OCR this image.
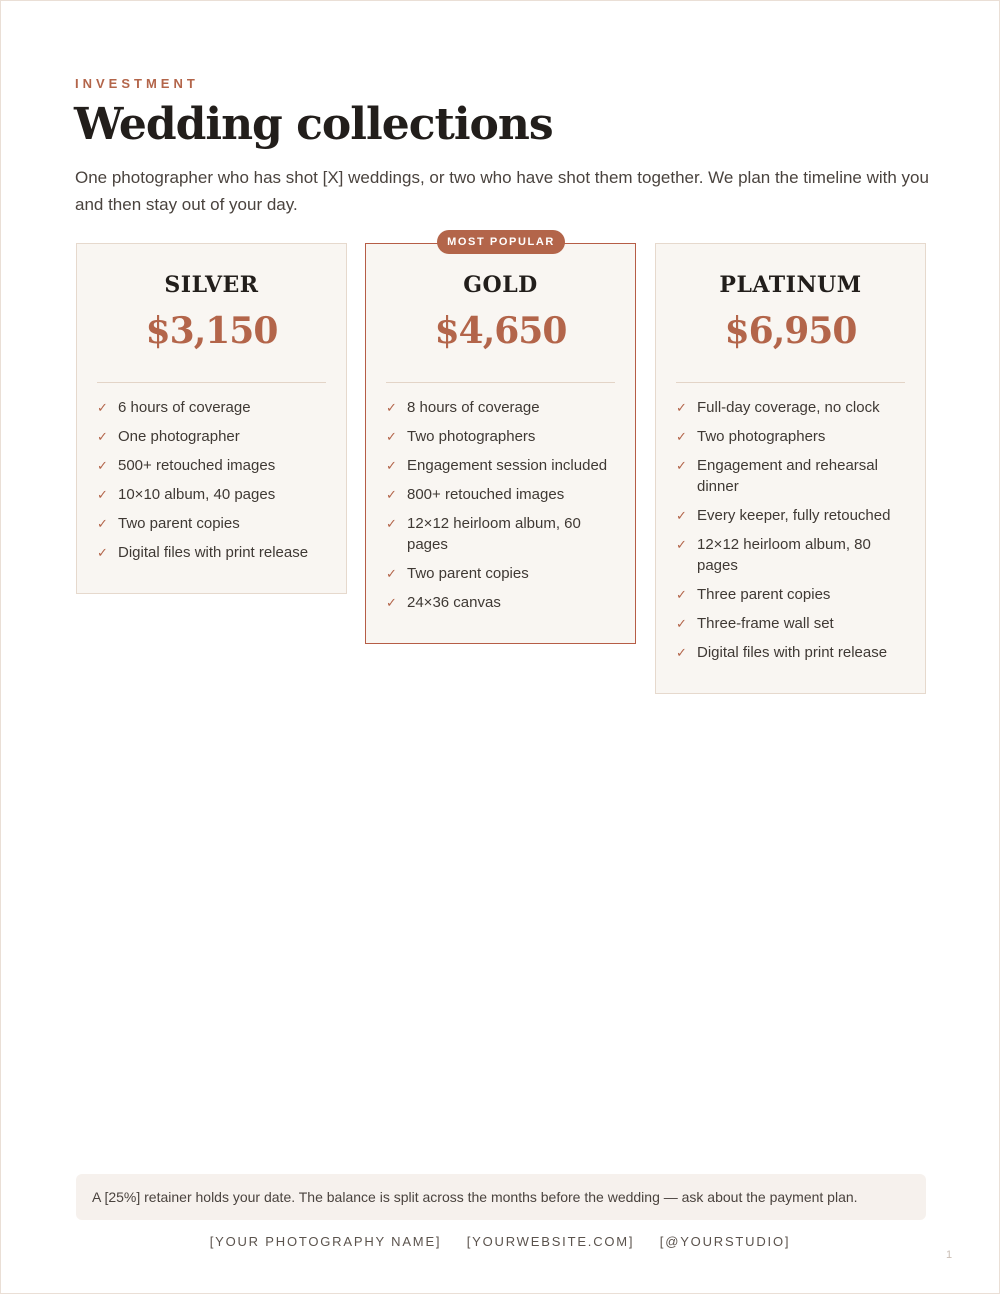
INVESTMENT
Wedding collections

One photographer who has shot [X] weddings, or two who have shot them together. We plan the timeline with you and then stay out of your day.

SILVER
$3,150
✓ 6 hours of coverage
✓ One photographer
✓ 500+ retouched images
✓ 10×10 album, 40 pages
✓ Two parent copies
✓ Digital files with print release
GOLD
$4,650
✓ 8 hours of coverage
✓ Two photographers
✓ Engagement session included
✓ 800+ retouched images
✓ 12×12 heirloom album, 60 pages
✓ Two parent copies
✓ 24×36 canvas
PLATINUM
$6,950
✓ Full-day coverage, no clock
✓ Two photographers
✓ Engagement and rehearsal dinner
✓ Every keeper, fully retouched
✓ 12×12 heirloom album, 80 pages
✓ Three parent copies
✓ Three-frame wall set
✓ Digital files with print release
MOST POPULAR
A [25%] retainer holds your date. The balance is split across the months before the wedding — ask about the payment plan.
[YOUR PHOTOGRAPHY NAME] [YOURWEBSITE.COM] [@YOURSTUDIO]
1
